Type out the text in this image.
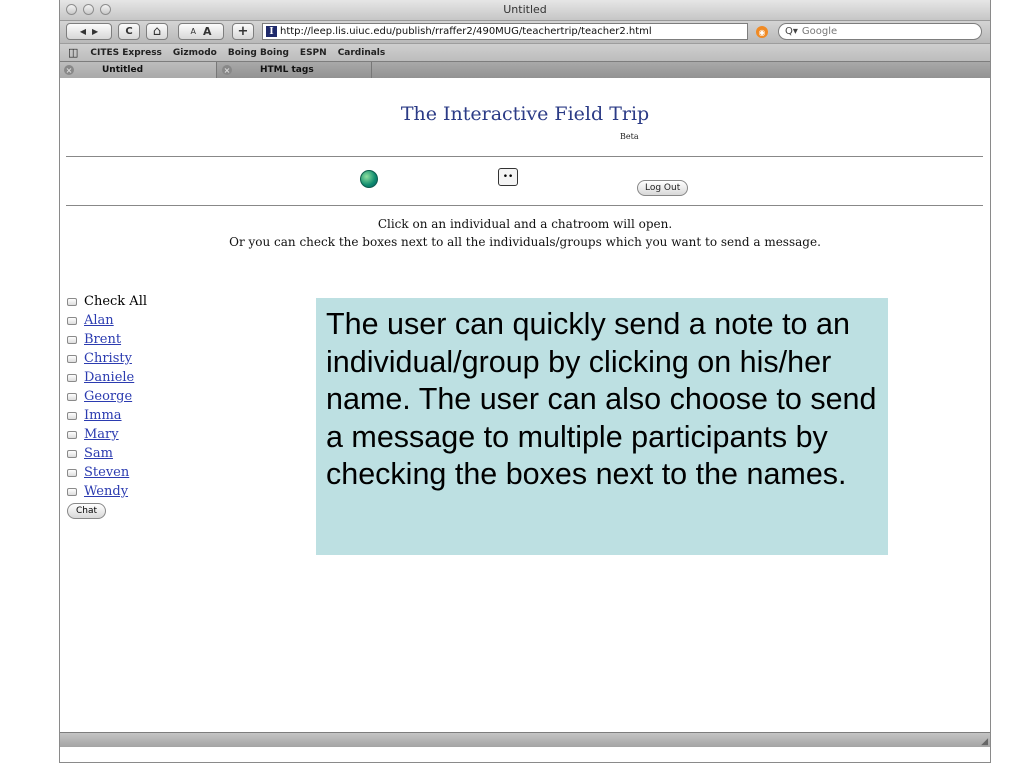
Untitled
◀ ▶	C	⌂	A A	+	I http://leep.lis.uiuc.edu/publish/rraffer2/490MUG/teachertrip/teacher2.html	◉ Q▾ Google
◫ CITES Express Gizmodo Boing Boing ESPN Cardinals
×	Untitled	×	HTML tags
The Interactive Field Trip
Beta
••
Log Out
Click on an individual and a chatroom will open.
Or you can check the boxes next to all the individuals/groups which you want to send a message.
Check All
Alan
Brent
Christy
Daniele
George
Imma
Mary
Sam
Steven
Wendy
Chat
◢
The user can quickly send a note to an individual/group by clicking on his/her name. The user can also choose to send a message to multiple participants by checking the boxes next to the names.
